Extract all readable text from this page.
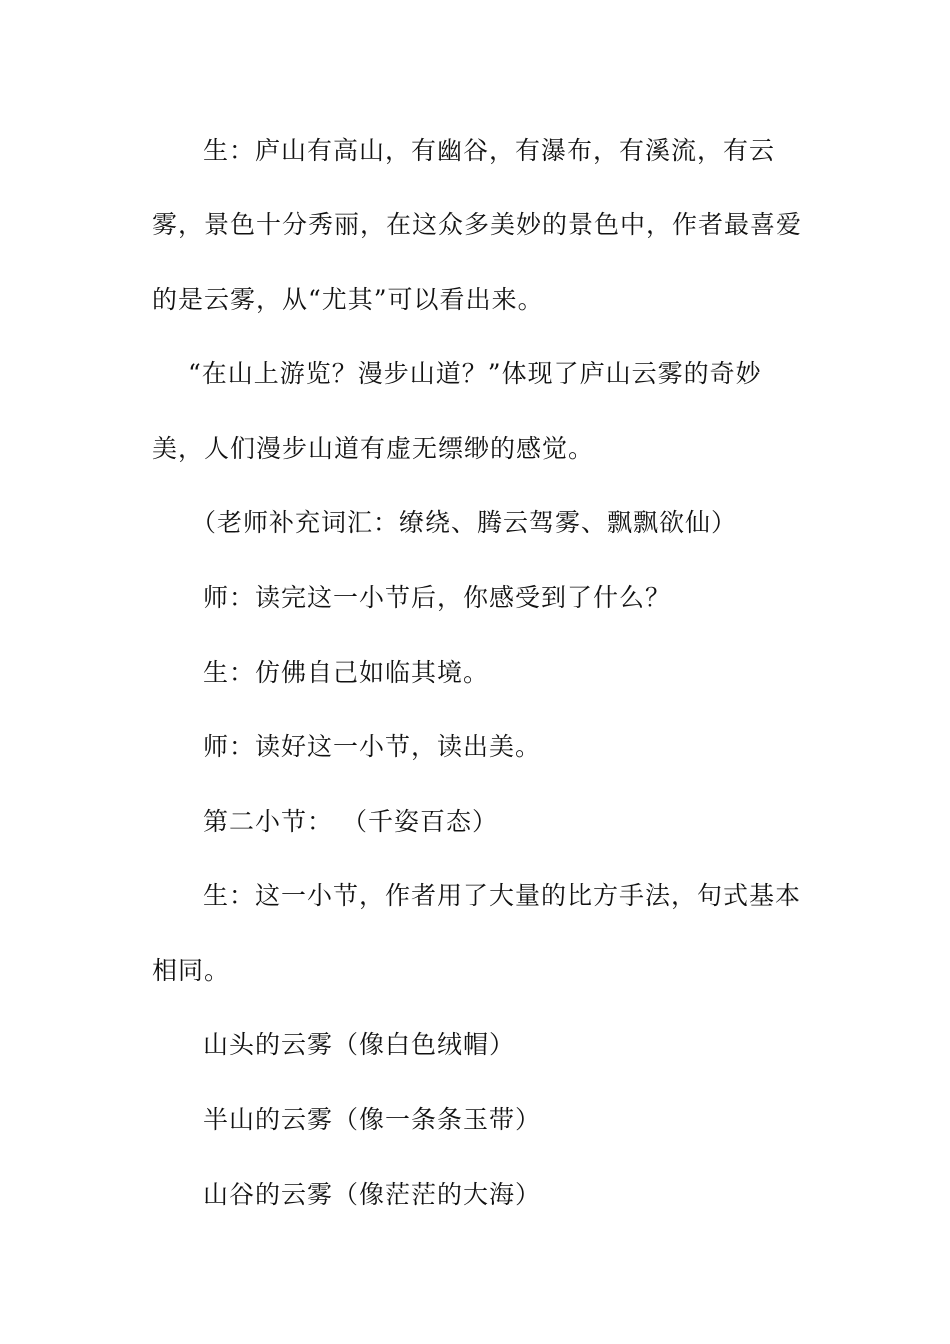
生：庐山有高山，有幽谷，有瀑布，有溪流，有云
雾，景色十分秀丽，在这众多美妙的景色中，作者最喜爱
的是云雾，从“尤其”可以看出来。
“在山上游览？漫步山道？”体现了庐山云雾的奇妙
美，人们漫步山道有虚无缥缈的感觉。
（老师补充词汇：缭绕、腾云驾雾、飘飘欲仙）
师：读完这一小节后，你感受到了什么？
生：仿佛自己如临其境。
师：读好这一小节，读出美。
第二小节： （千姿百态）
生：这一小节，作者用了大量的比方手法，句式基本
相同。
山头的云雾（像白色绒帽）
半山的云雾（像一条条玉带）
山谷的云雾（像茫茫的大海）
